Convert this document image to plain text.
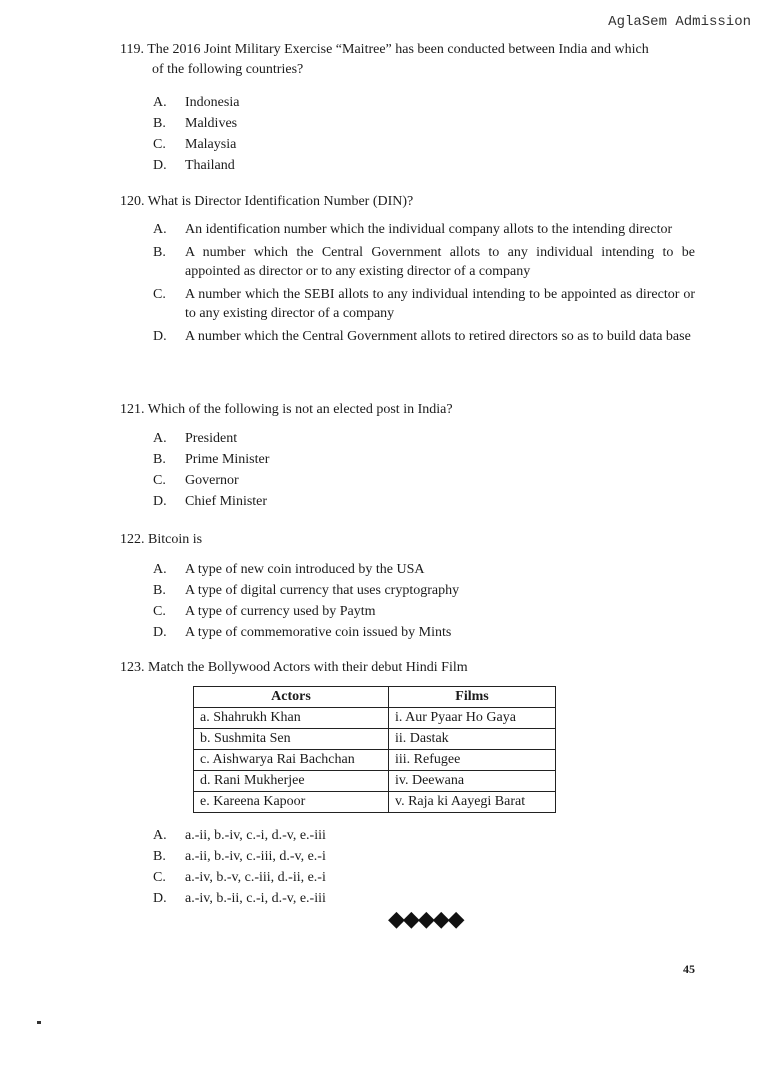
AglaSem Admission
119. The 2016 Joint Military Exercise “Maitree” has been conducted between India and which
of the following countries?
A.	Indonesia
B.	Maldives
C.	Malaysia
D.	Thailand
120. What is Director Identification Number (DIN)?
A.	An identification number which the individual company allots to the intending director
B.	A number which the Central Government allots to any individual intending to be appointed as director or to any existing director of a company
C.	A number which the SEBI allots to any individual intending to be appointed as director or to any existing director of a company
D.	A number which the Central Government allots to retired directors so as to build data base
121. Which of the following is not an elected post in India?
A.	President
B.	Prime Minister
C.	Governor
D.	Chief Minister
122. Bitcoin is
A.	A type of new coin introduced by the USA
B.	A type of digital currency that uses cryptography
C.	A type of currency used by Paytm
D.	A type of commemorative coin issued by Mints
123. Match the Bollywood Actors with their debut Hindi Film
Actors	Films
a. Shahrukh Khan	i. Aur Pyaar Ho Gaya
b. Sushmita Sen	ii. Dastak
c. Aishwarya Rai Bachchan	iii. Refugee
d. Rani Mukherjee	iv. Deewana
e. Kareena Kapoor	v. Raja ki Aayegi Barat
A.	a.-ii, b.-iv, c.-i, d.-v, e.-iii
B.	a.-ii, b.-iv, c.-iii, d.-v, e.-i
C.	a.-iv, b.-v, c.-iii, d.-ii, e.-i
D.	a.-iv, b.-ii, c.-i, d.-v, e.-iii
◆◆◆◆◆
45
